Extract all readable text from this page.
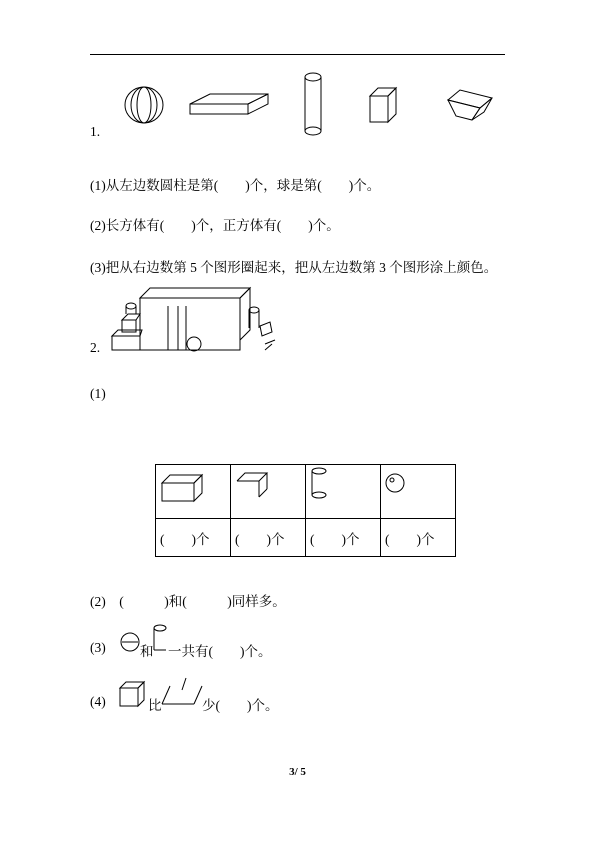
1.
(1)从左边数圆柱是第(　　)个，球是第(　　)个。
(2)长方体有(　　)个，正方体有(　　)个。
(3)把从右边数第 5 个图形圈起来，把从左边数第 3 个图形涂上颜色。
2.
(1)

(　　)个	(　　)个	(　　)个	(　　)个
(2)　(　　　)和(　　　)同样多。
(3)	和 一共有(　　)个。
(4)	比	少(　　)个。
3/ 5
